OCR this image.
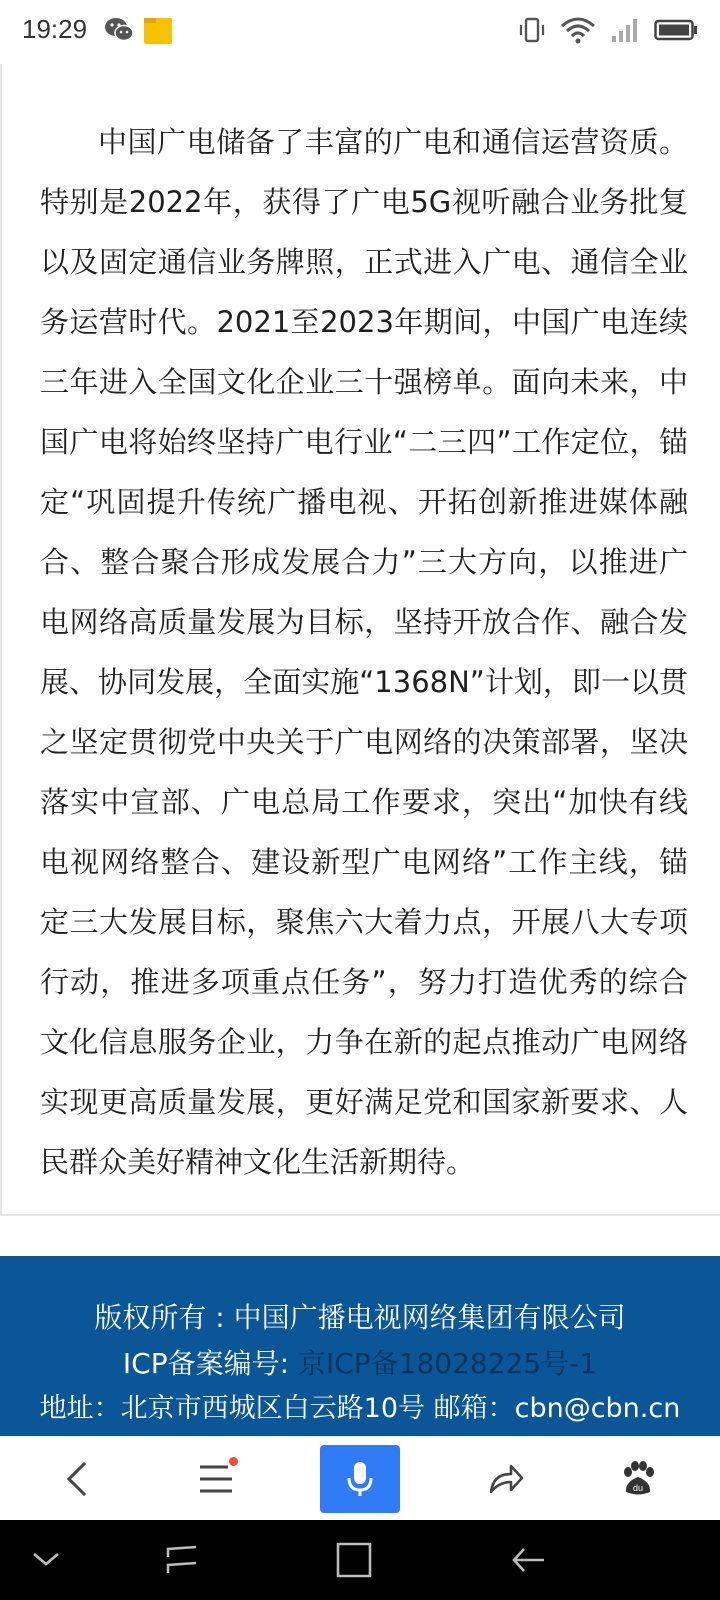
中国广电储备了丰富的广电和通信运营资质。特别是2022年，获得了广电5G视听融合业务批复以及固定通信业务牌照，正式进入广电、通信全业务运营时代。2021至2023年期间，中国广电连续三年进入全国文化企业三十强榜单。面向未来，中国广电将始终坚持广电行业“二三四”工作定位，锚定“巩固提升传统广播电视、开拓创新推进媒体融合、整合聚合形成发展合力”三大方向，以推进广电网络高质量发展为目标，坚持开放合作、融合发展、协同发展，全面实施“1368N”计划，即一以贯之坚定贯彻党中央关于广电网络的决策部署，坚决落实中宣部、广电总局工作要求，突出“加快有线电视网络整合、建设新型广电网络”工作主线，锚定三大发展目标，聚焦六大着力点，开展八大专项行动，推进多项重点任务”，努力打造优秀的综合文化信息服务企业，力争在新的起点推动广电网络实现更高质量发展，更好满足党和国家新要求、人民群众美好精神文化生活新期待。

19:29
版权所有 : 中国广播电视网络集团有限公司
ICP备案编号: 京ICP备18028225号-1
地址：北京市西城区白云路10号 邮箱：cbn@cbn.cn
du
